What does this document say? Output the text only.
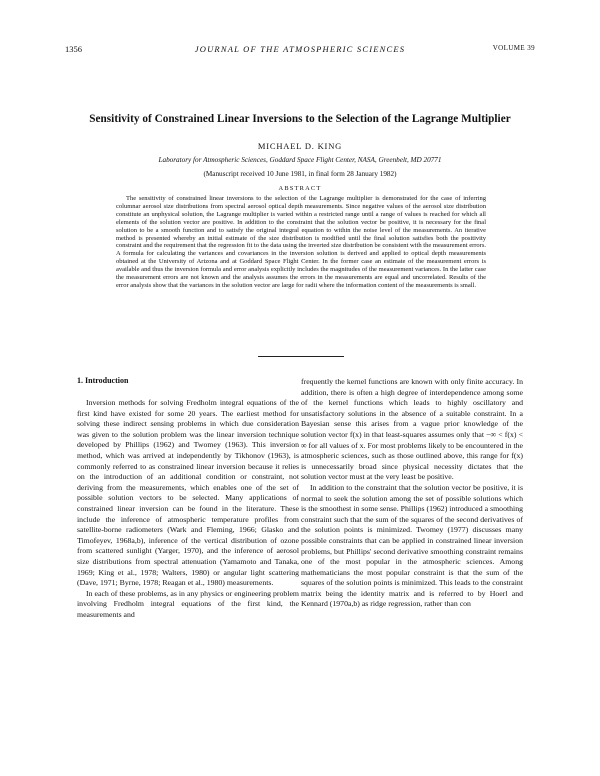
1356	JOURNAL OF THE ATMOSPHERIC SCIENCES	VOLUME 39
Sensitivity of Constrained Linear Inversions to the Selection of the Lagrange Multiplier
MICHAEL D. KING
Laboratory for Atmospheric Sciences, Goddard Space Flight Center, NASA, Greenbelt, MD 20771
(Manuscript received 10 June 1981, in final form 28 January 1982)
ABSTRACT

The sensitivity of constrained linear inversions to the selection of the Lagrange multiplier is demonstrated for the case of inferring columnar aerosol size distributions from spectral aerosol optical depth measurements. Since negative values of the aerosol size distribution constitute an unphysical solution, the Lagrange multiplier is varied within a restricted range until a range of values is reached for which all elements of the solution vector are positive. In addition to the constraint that the solution vector be positive, it is necessary for the final solution to be a smooth function and to satisfy the original integral equation to within the noise level of the measurements. An iterative method is presented whereby an initial estimate of the size distribution is modified until the final solution satisfies both the positivity constraint and the requirement that the regression fit to the data using the inverted size distribution be consistent with the measurement errors. A formula for calculating the variances and covariances in the inversion solution is derived and applied to optical depth measurements obtained at the University of Arizona and at Goddard Space Flight Center. In the former case an estimate of the measurement errors is available and thus the inversion formula and error analysis explicitly includes the magnitudes of the measurement variances. In the latter case the measurement errors are not known and the analysis assumes the errors in the measurements are equal and uncorrelated. Results of the error analysis show that the variances in the solution vector are large for radii where the information content of the measurements is small.

1. Introduction

Inversion methods for solving Fredholm integral equations of the first kind have existed for some 20 years. The earliest method for solving these indirect sensing problems in which due consideration was given to the solution problem was the linear inversion technique developed by Phillips (1962) and Twomey (1963). This inversion method, which was arrived at independently by Tikhonov (1963), is commonly referred to as constrained linear inversion because it relies on the introduction of an additional condition or constraint, not deriving from the measurements, which enables one of the set of possible solution vectors to be selected. Many applications of constrained linear inversion can be found in the literature. These include the inference of atmospheric temperature profiles from satellite-borne radiometers (Wark and Fleming, 1966; Glasko and Timofeyev, 1968a,b), inference of the vertical distribution of ozone from scattered sunlight (Yarger, 1970), and the inference of aerosol size distributions from spectral attenuation (Yamamoto and Tanaka, 1969; King et al., 1978; Walters, 1980) or angular light scattering (Dave, 1971; Byrne, 1978; Reagan et al., 1980) measurements.

In each of these problems, as in any physics or engineering problem involving Fredholm integral equations of the first kind, the measurements and

frequently the kernel functions are known with only finite accuracy. In addition, there is often a high degree of interdependence among some of the kernel functions which leads to highly oscillatory and unsatisfactory solutions in the absence of a suitable constraint. In a Bayesian sense this arises from a vague prior knowledge of the solution vector f(x) in that least-squares assumes only that −∞ < f(x) < ∞ for all values of x. For most problems likely to be encountered in the atmospheric sciences, such as those outlined above, this range for f(x) is unnecessarily broad since physical necessity dictates that the solution vector must at the very least be positive.

In addition to the constraint that the solution vector be positive, it is normal to seek the solution among the set of possible solutions which is the smoothest in some sense. Phillips (1962) introduced a smoothing constraint such that the sum of the squares of the second derivatives of the solution points is minimized. Twomey (1977) discusses many possible constraints that can be applied in constrained linear inversion problems, but Phillips' second derivative smoothing constraint remains one of the most popular in the atmospheric sciences. Among mathematicians the most popular constraint is that the sum of the squares of the solution points is minimized. This leads to the constraint matrix being the identity matrix and is referred to by Hoerl and Kennard (1970a,b) as ridge regression, rather than con
